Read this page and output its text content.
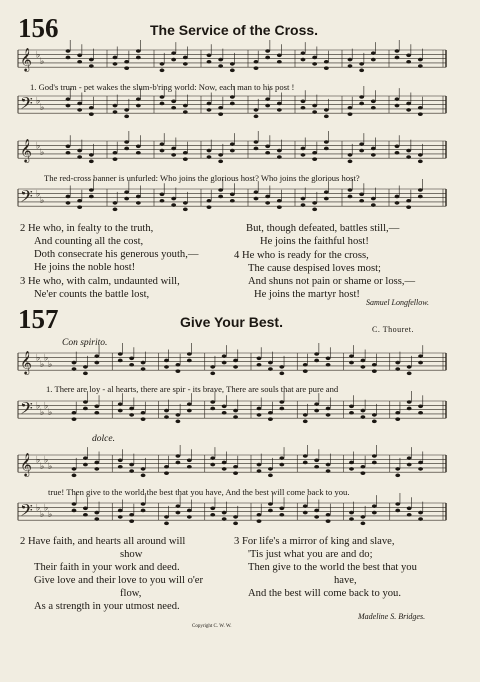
156	The Service of the Cross.
𝄞 ♭
♭
𝄢 ♭
♭
𝄞 ♭
♭
𝄢 ♭
♭
𝄞 ♭
♭
♭
♭
𝄢 ♭
♭
♭
♭
𝄞 ♭
♭
♭
♭
𝄢 ♭
♭
♭
♭
1. God's trum - pet wakes the slum-b'ring world: Now, each man to his post !
The red-cross banner is unfurled: Who joins the glorious host? Who joins the glorious host?
2 He who, in fealty to the truth,
And counting all the cost,
Doth consecrate his generous youth,—
He joins the noble host!
3 He who, with calm, undaunted will,
Ne'er counts the battle lost,
But, though defeated, battles still,—
He joins the faithful host!
4 He who is ready for the cross,
The cause despised loves most;
And shuns not pain or shame or loss,—
He joins the martyr host!
Samuel Longfellow.
157	Give Your Best.	C. Thouret.
Con spirito.
1. There are loy - al hearts, there are spir - its brave, There are souls that are pure and
dolce.
true! Then give to the world the best that you have, And the best will come back to you.
2 Have faith, and hearts all around will
show
Their faith in your work and deed.
Give love and their love to you will o'er
flow,
As a strength in your utmost need.
3 For life's a mirror of king and slave,
'Tis just what you are and do;
Then give to the world the best that you
have,
And the best will come back to you.
Copyright C. W. W.
Madeline S. Bridges.
